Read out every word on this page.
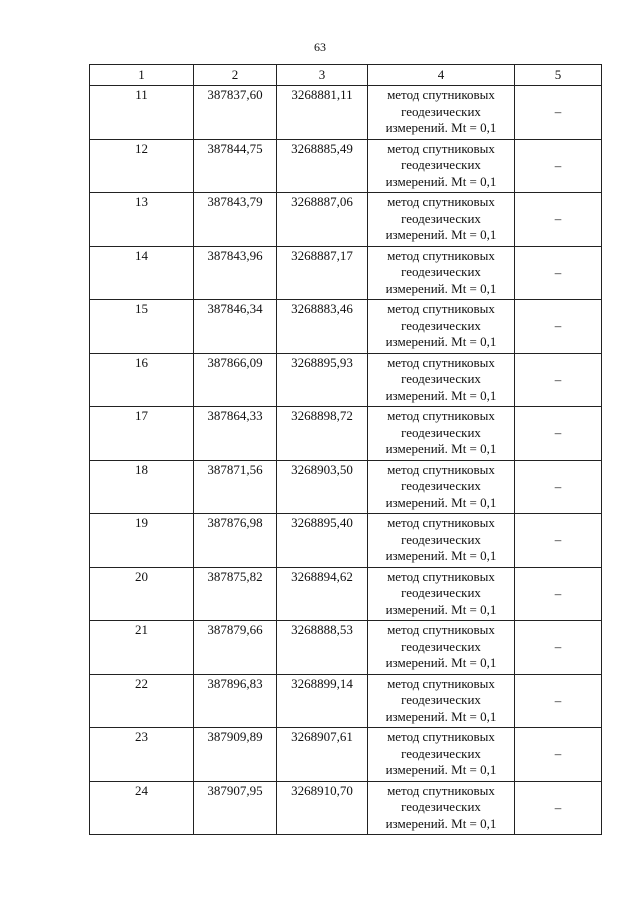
63
1	2	3	4	5
11	387837,60	3268881,11	метод спутниковых
геодезических
измерений. Mt = 0,1	–
12	387844,75	3268885,49	метод спутниковых
геодезических
измерений. Mt = 0,1	–
13	387843,79	3268887,06	метод спутниковых
геодезических
измерений. Mt = 0,1	–
14	387843,96	3268887,17	метод спутниковых
геодезических
измерений. Mt = 0,1	–
15	387846,34	3268883,46	метод спутниковых
геодезических
измерений. Mt = 0,1	–
16	387866,09	3268895,93	метод спутниковых
геодезических
измерений. Mt = 0,1	–
17	387864,33	3268898,72	метод спутниковых
геодезических
измерений. Mt = 0,1	–
18	387871,56	3268903,50	метод спутниковых
геодезических
измерений. Mt = 0,1	–
19	387876,98	3268895,40	метод спутниковых
геодезических
измерений. Mt = 0,1	–
20	387875,82	3268894,62	метод спутниковых
геодезических
измерений. Mt = 0,1	–
21	387879,66	3268888,53	метод спутниковых
геодезических
измерений. Mt = 0,1	–
22	387896,83	3268899,14	метод спутниковых
геодезических
измерений. Mt = 0,1	–
23	387909,89	3268907,61	метод спутниковых
геодезических
измерений. Mt = 0,1	–
24	387907,95	3268910,70	метод спутниковых
геодезических
измерений. Mt = 0,1	–
